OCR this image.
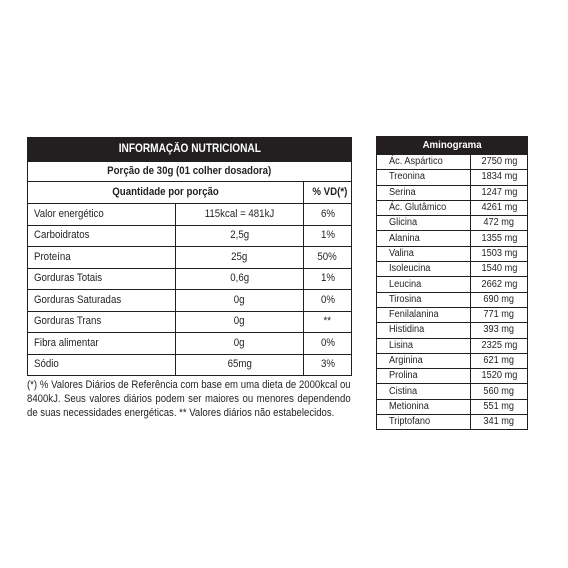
INFORMAÇÃO NUTRICIONAL		
Porção de 30g (01 colher dosadora)		
Quantidade por porção		% VD(*)
Valor energético	115kcal = 481kJ	6%
Carboidratos	2,5g	1%
Proteína	25g	50%
Gorduras Totais	0,6g	1%
Gorduras Saturadas	0g	0%
Gorduras Trans	0g	**
Fibra alimentar	0g	0%
Sódio	65mg	3%
(*) % Valores Diários de Referência com base em uma dieta de 2000kcal ou 8400kJ. Seus valores diários podem ser maiores ou menores dependendo de suas necessidades energéticas. ** Valores diários não estabelecidos.
Aminograma	
Ác. Aspártico	2750 mg
Treonina	1834 mg
Serina	1247 mg
Ác. Glutâmico	4261 mg
Glicina	472 mg
Alanina	1355 mg
Valina	1503 mg
Isoleucina	1540 mg
Leucina	2662 mg
Tirosina	690 mg
Fenilalanina	771 mg
Histidina	393 mg
Lisina	2325 mg
Arginina	621 mg
Prolina	1520 mg
Cistina	560 mg
Metionina	551 mg
Triptofano	341 mg
